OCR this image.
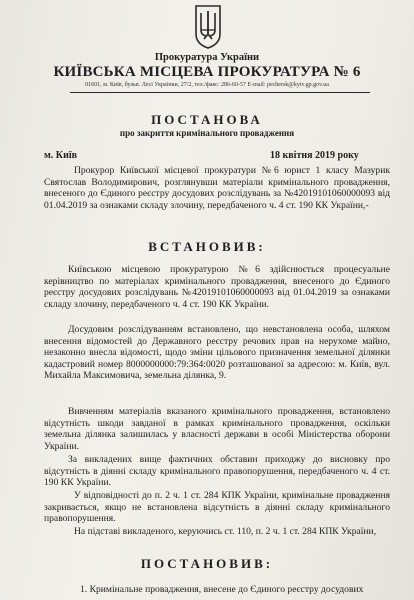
Прокуратура України
КИЇВСЬКА МІСЦЕВА ПРОКУРАТУРА № 6
01601, м. Київ, бульв. Лесі Українки, 27/2, тел./факс: 286-60-57 E-mail: pechersk@kyiv.gp.gov.ua
ПОСТАНОВА
про закриття кримінального провадження
м. Київ	18 квітня 2019 року
Прокурор Київської місцевої прокуратури №6 юрист 1 класу Мазурик Святослав Володимирович, розглянувши матеріали кримінального провадження, внесеного до Єдиного реєстру досудових розслідувань за №42019101060000093 від 01.04.2019 за ознаками складу злочину, передбаченого ч. 4 ст. 190 КК України,-
ВСТАНОВИВ:
Київською місцевою прокуратурою №6 здійснюється процесуальне керівництво по матеріалах кримінального провадження, внесеного до Єдиного реєстру досудових розслідувань №42019101060000093 від 01.04.2019 за ознаками складу злочину, передбаченого ч. 4 ст. 190 КК України.
Досудовим розслідуванням встановлено, що невстановлена особа, шляхом внесення відомостей до Державного реєстру речових прав на нерухоме майно, незаконно внесла відомості, щодо зміни цільового призначення земельної ділянки кадастровий номер 8000000000:79:364:0020 розташованої за адресою: м. Київ, вул. Михайла Максимовича, земельна ділянка, 9.
Вивченням матеріалів вказаного кримінального провадження, встановлено відсутність шкоди завданої в рамках кримінального провадження, оскільки земельна ділянка залишилась у власності держави в особі Міністерства оборони України.
За викладених вище фактичних обставин приходжу до висновку про відсутність в діянні складу кримінального правопорушення, передбаченого ч. 4 ст. 190 КК України.
У відповідності до п. 2 ч. 1 ст. 284 КПК України, кримінальне провадження закривається, якщо не встановлена відсутність в діянні складу кримінального правопорушення.
На підставі викладеного, керуючись ст. 110, п. 2 ч. 1 ст. 284 КПК України,
ПОСТАНОВИВ:
1. Кримінальне провадження, внесене до Єдиного реєстру досудових
